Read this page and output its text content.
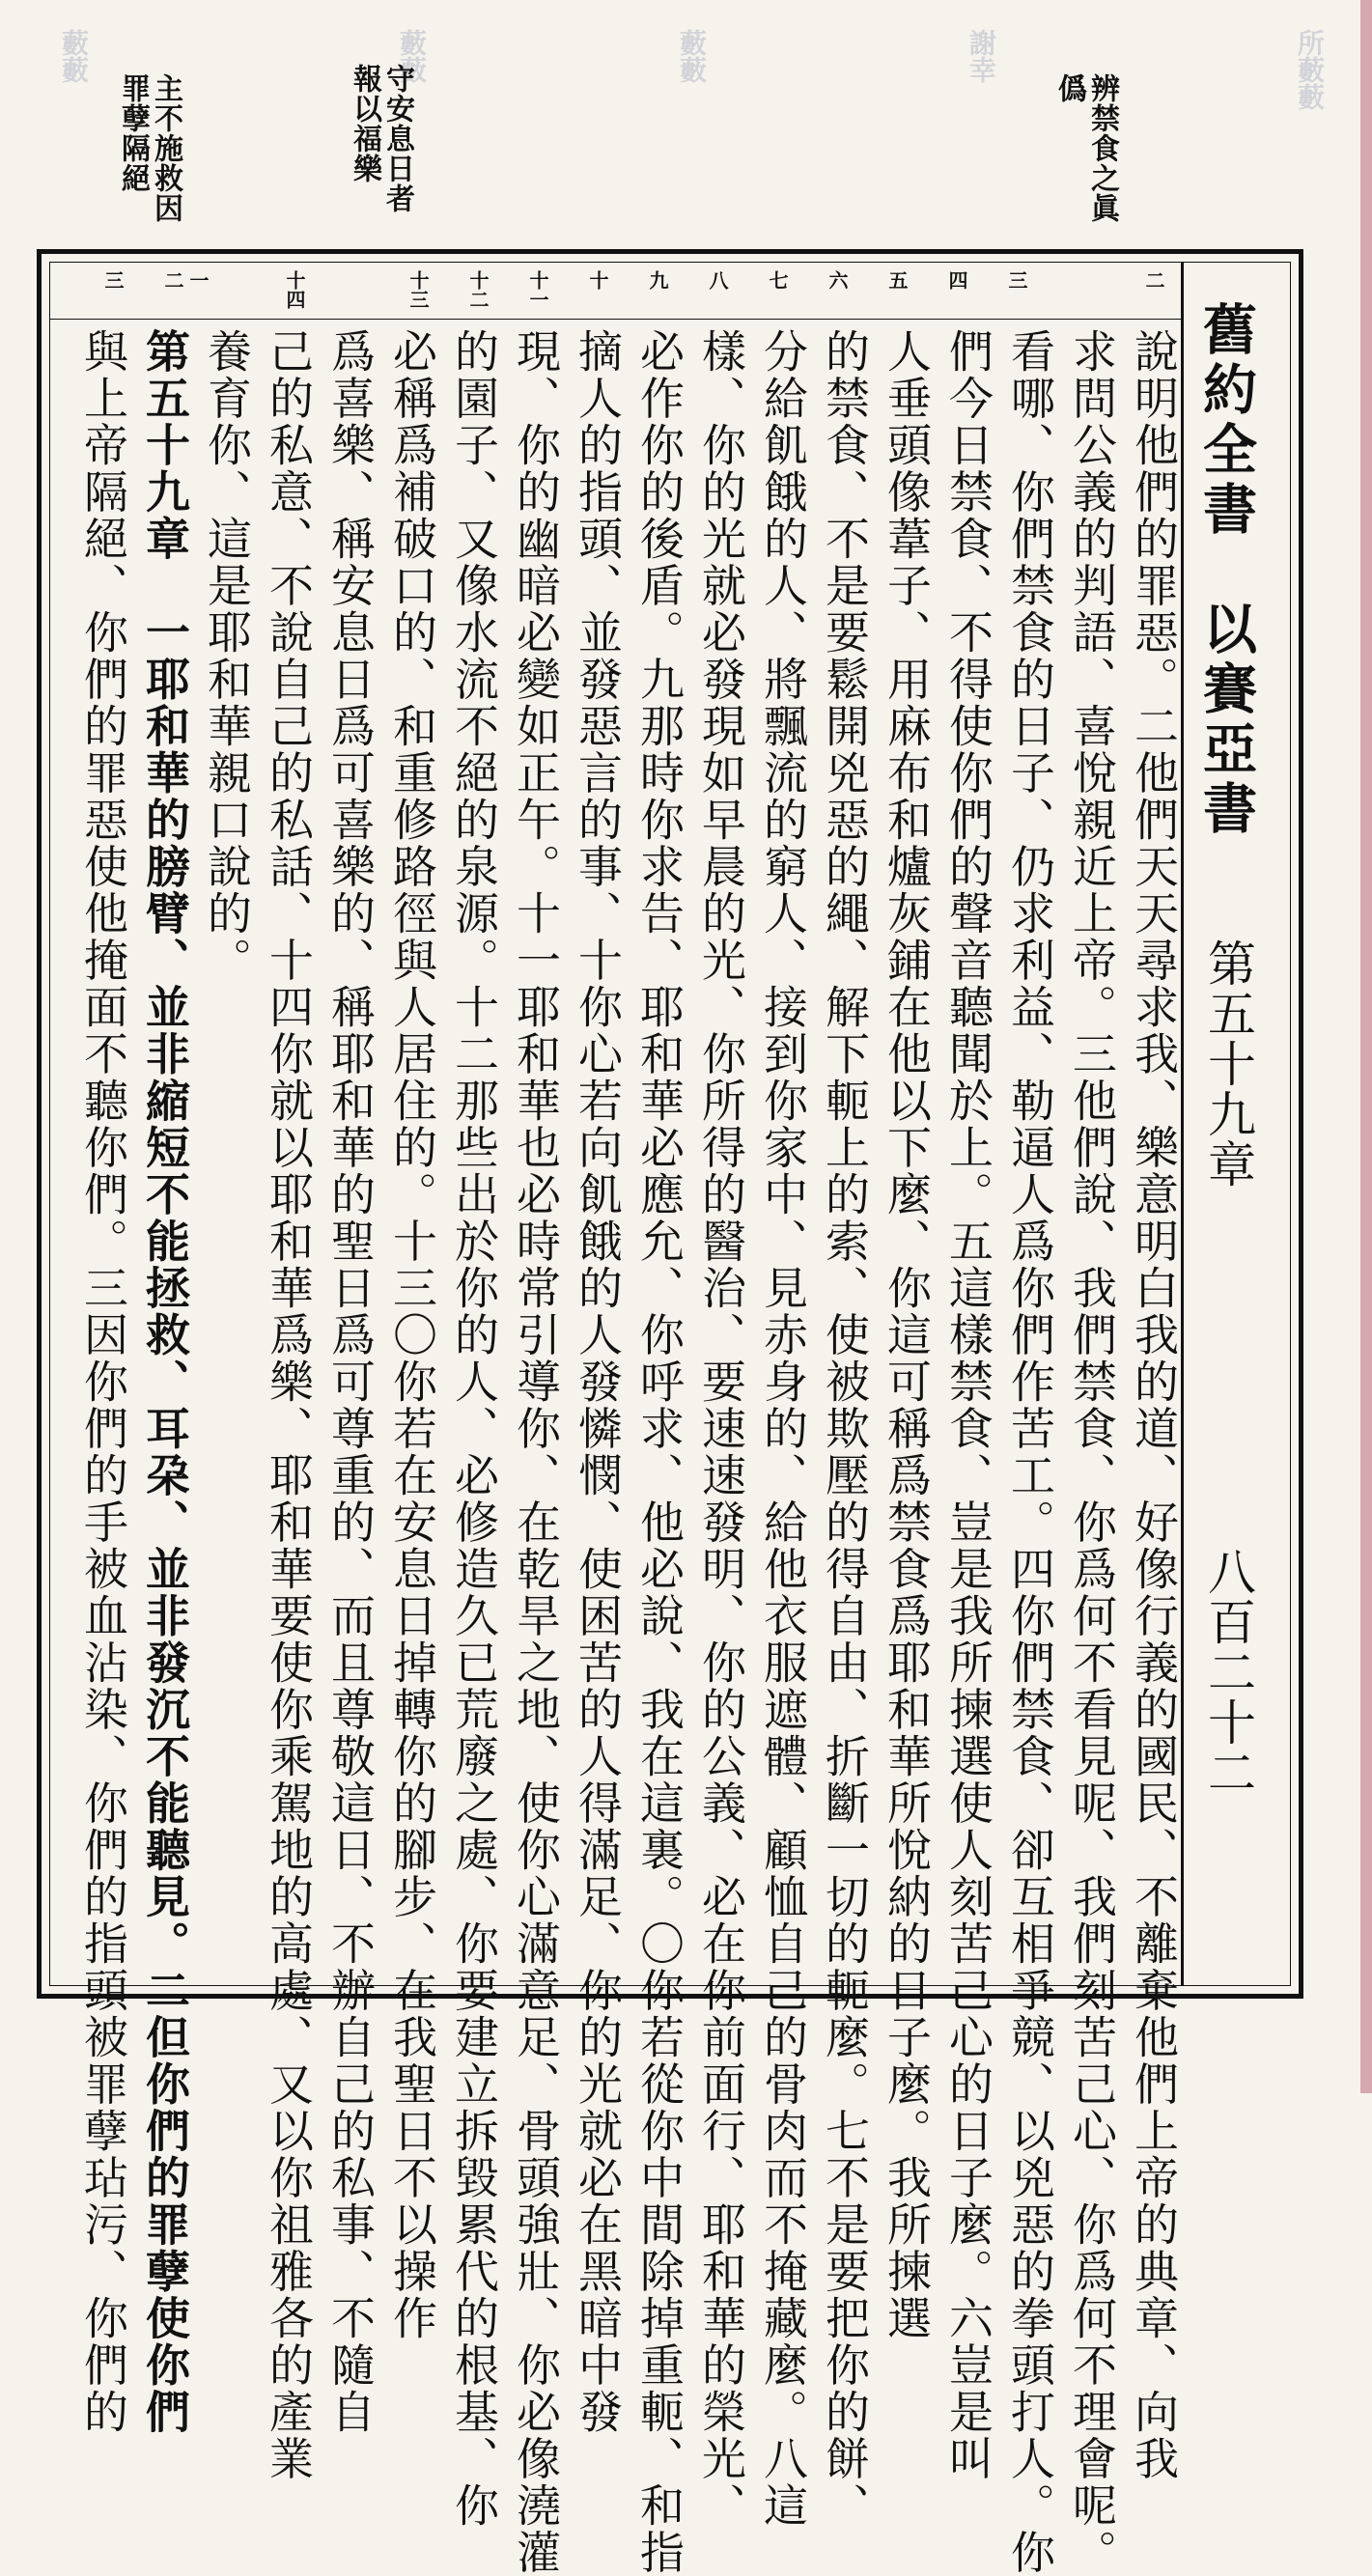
所藪藪
謝幸
藪藪
藪藪
藪藪
辨禁食之眞僞
守安息日者報以福樂
主不施救因罪孽隔絕
舊約全書　以賽亞書
第五十九章
八百二十二
三 二 一	十四	十三 十二 十一 十 九 八 七 六 五 四 三	二
說明他們的罪惡。二他們天天尋求我、樂意明白我的道、好像行義的國民、不離棄他們上帝的典章、向我
求問公義的判語、喜悅親近上帝。三他們說、我們禁食、你爲何不看見呢、我們刻苦己心、你爲何不理會呢。
看哪、你們禁食的日子、仍求利益、勒逼人爲你們作苦工。四你們禁食、卻互相爭競、以兇惡的拳頭打人。你
們今日禁食、不得使你們的聲音聽聞於上。五這樣禁食、豈是我所揀選使人刻苦己心的日子麼。六豈是叫
人垂頭像葦子、用麻布和爐灰鋪在他以下麼、你這可稱爲禁食爲耶和華所悅納的日子麼。我所揀選
的禁食、不是要鬆開兇惡的繩、解下軛上的索、使被欺壓的得自由、折斷一切的軛麼。七不是要把你的餅、
分給飢餓的人、將飄流的窮人、接到你家中、見赤身的、給他衣服遮體、顧恤自己的骨肉而不掩藏麼。八這
樣、你的光就必發現如早晨的光、你所得的醫治、要速速發明、你的公義、必在你前面行、耶和華的榮光、
必作你的後盾。九那時你求告、耶和華必應允、你呼求、他必說、我在這裏。〇你若從你中間除掉重軛、和指
摘人的指頭、並發惡言的事、十你心若向飢餓的人發憐憫、使困苦的人得滿足、你的光就必在黑暗中發
現、你的幽暗必變如正午。十一耶和華也必時常引導你、在乾旱之地、使你心滿意足、骨頭強壯、你必像澆灌
的園子、又像水流不絕的泉源。十二那些出於你的人、必修造久已荒廢之處、你要建立拆毀累代的根基、你
必稱爲補破口的、和重修路徑與人居住的。十三〇你若在安息日掉轉你的腳步、在我聖日不以操作
爲喜樂、稱安息日爲可喜樂的、稱耶和華的聖日爲可尊重的、而且尊敬這日、不辦自己的私事、不隨自
己的私意、不說自己的私話、十四你就以耶和華爲樂、耶和華要使你乘駕地的高處、又以你祖雅各的產業
養育你、這是耶和華親口說的。
第五十九章　一耶和華的膀臂、並非縮短不能拯救、耳朶、並非發沉不能聽見。二但你們的罪孽使你們
與上帝隔絕、你們的罪惡使他掩面不聽你們。三因你們的手被血沾染、你們的指頭被罪孽玷污、你們的
